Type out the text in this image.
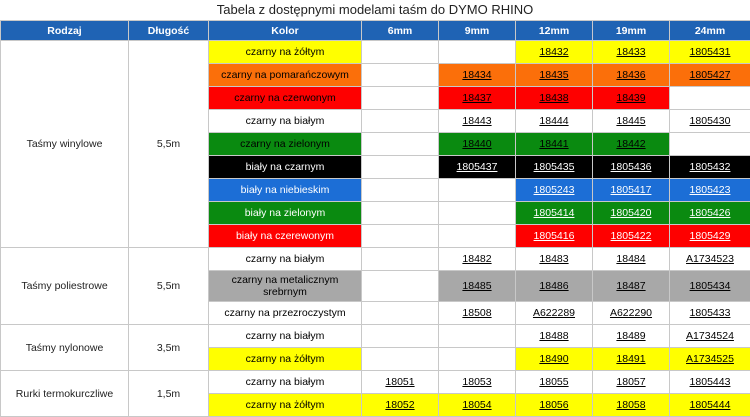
Tabela z dostępnymi modelami taśm do DYMO RHINO
Rodzaj	Długość	Kolor	6mm	9mm	12mm	19mm	24mm
Taśmy winylowe	5,5m	czarny na żółtym			18432	18433	1805431
		czarny na pomarańczowym		18434	18435	18436	1805427
		czarny na czerwonym		18437	18438	18439	
		czarny na białym		18443	18444	18445	1805430
		czarny na zielonym		18440	18441	18442	
		biały na czarnym		1805437	1805435	1805436	1805432
		biały na niebieskim			1805243	1805417	1805423
		biały na zielonym			1805414	1805420	1805426
		biały na czerewonym			1805416	1805422	1805429
Taśmy poliestrowe	5,5m	czarny na białym		18482	18483	18484	A1734523
		czarny na metalicznym srebrnym		18485	18486	18487	1805434
		czarny na przezroczystym		18508	A622289	A622290	1805433
Taśmy nylonowe	3,5m	czarny na białym			18488	18489	A1734524
		czarny na żółtym			18490	18491	A1734525
Rurki termokurczliwe	1,5m	czarny na białym	18051	18053	18055	18057	1805443
		czarny na żółtym	18052	18054	18056	18058	1805444
